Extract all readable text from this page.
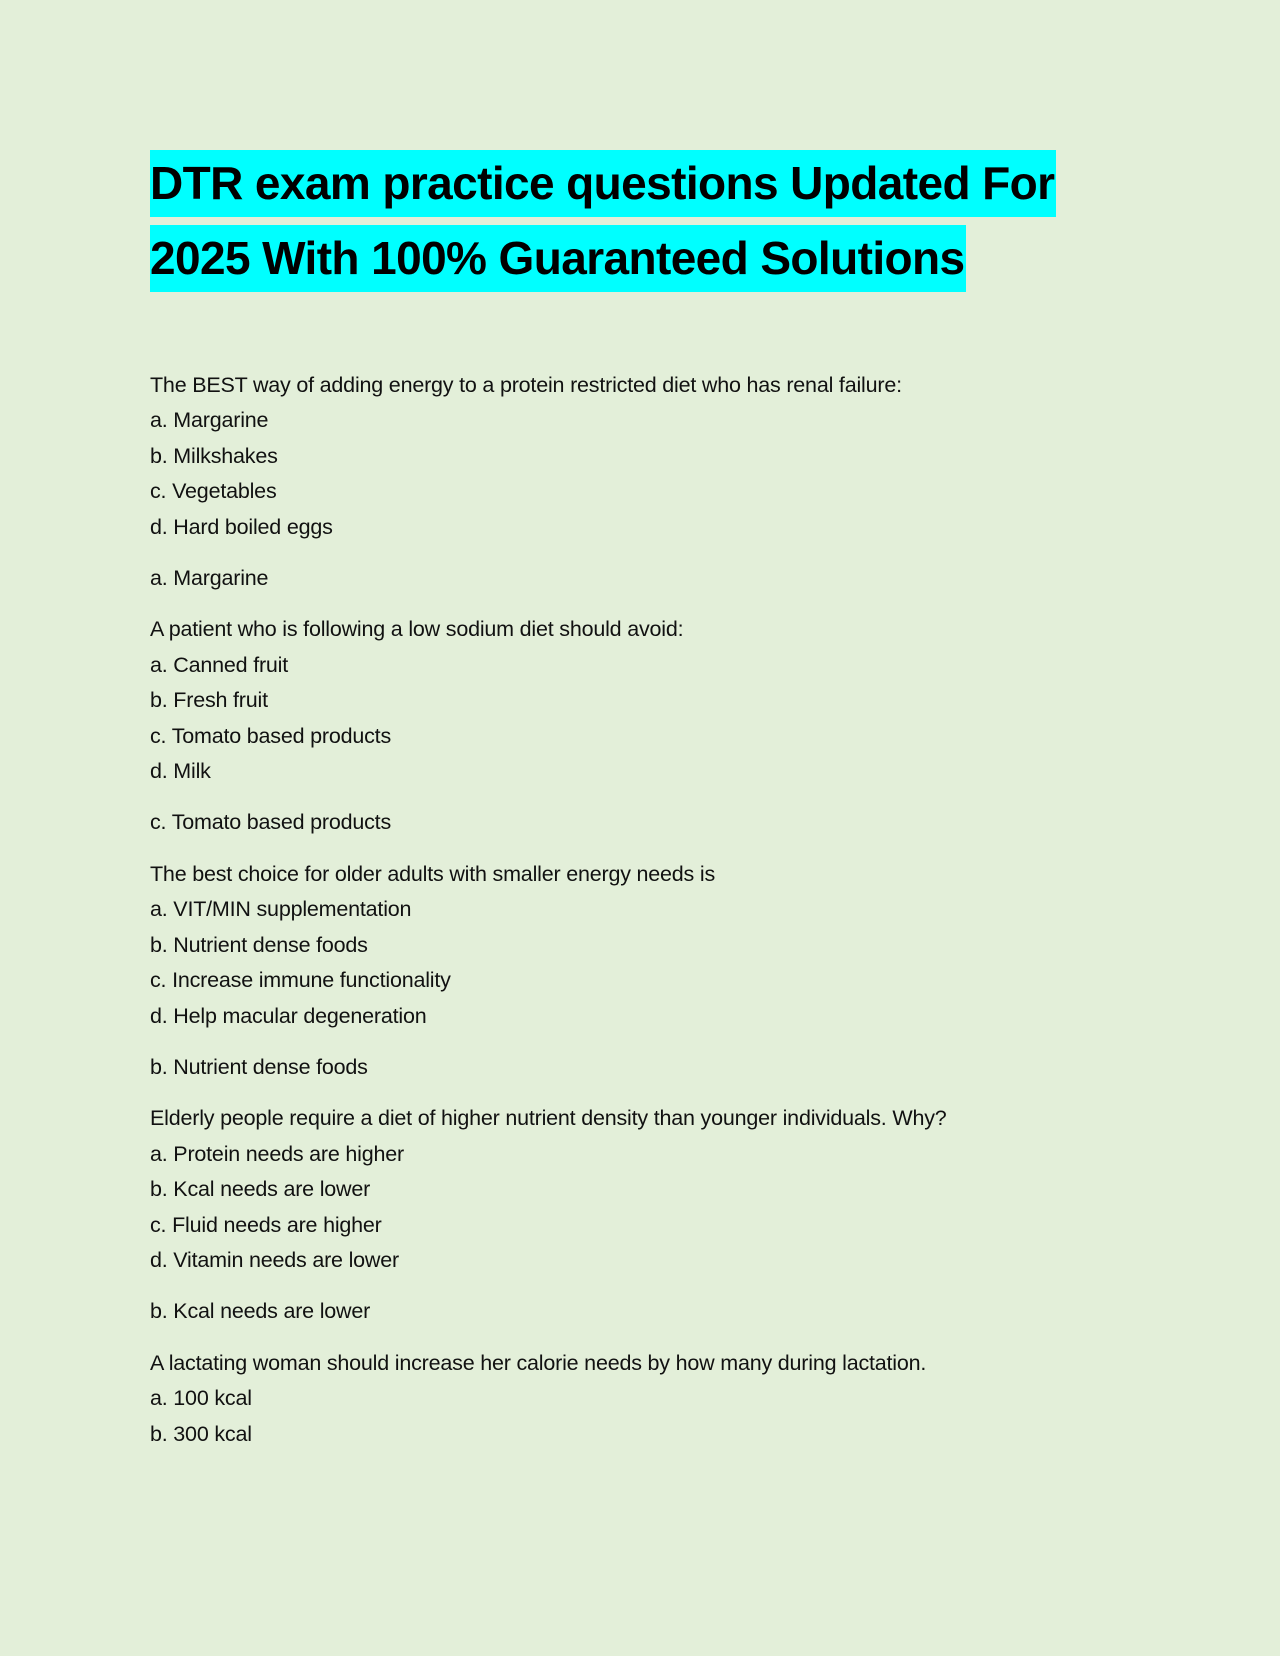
DTR exam practice questions Updated For
2025 With 100% Guaranteed Solutions
The BEST way of adding energy to a protein restricted diet who has renal failure:
a. Margarine
b. Milkshakes
c. Vegetables
d. Hard boiled eggs
a. Margarine
A patient who is following a low sodium diet should avoid:
a. Canned fruit
b. Fresh fruit
c. Tomato based products
d. Milk
c. Tomato based products
The best choice for older adults with smaller energy needs is
a. VIT/MIN supplementation
b. Nutrient dense foods
c. Increase immune functionality
d. Help macular degeneration
b. Nutrient dense foods
Elderly people require a diet of higher nutrient density than younger individuals. Why?
a. Protein needs are higher
b. Kcal needs are lower
c. Fluid needs are higher
d. Vitamin needs are lower
b. Kcal needs are lower
A lactating woman should increase her calorie needs by how many during lactation.
a. 100 kcal
b. 300 kcal
